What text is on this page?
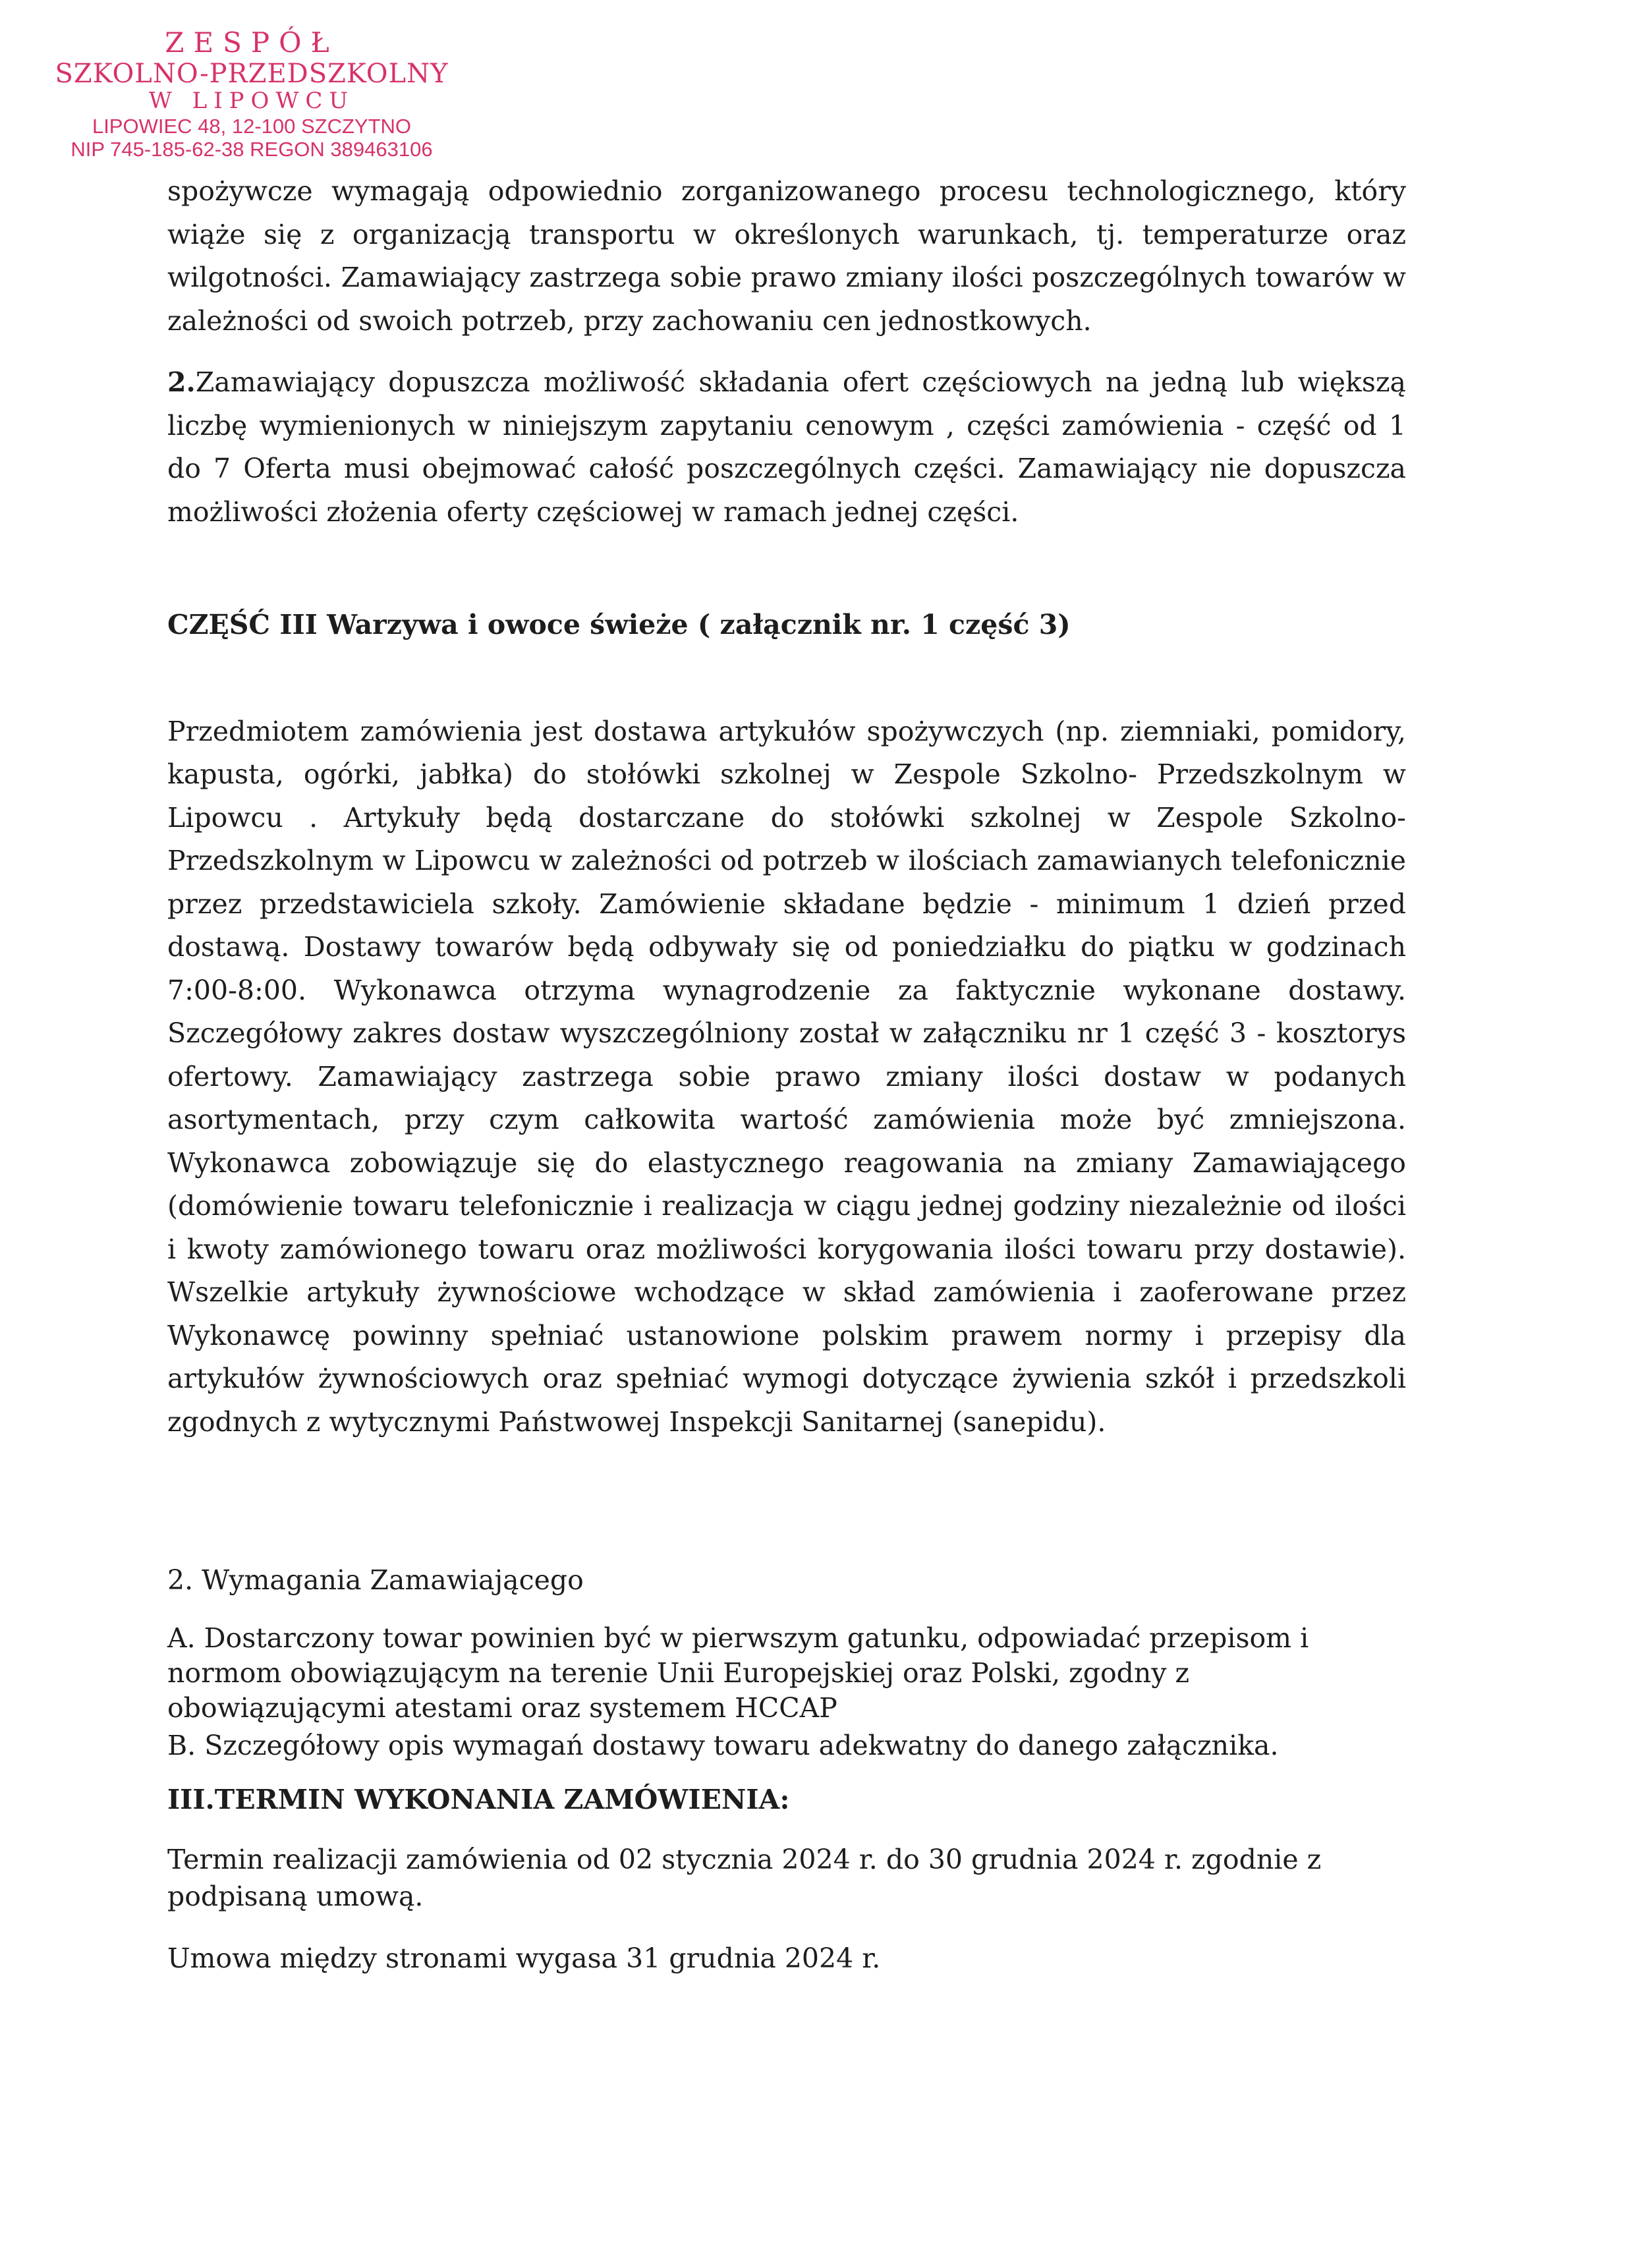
ZESPÓŁ
SZKOLNO-PRZEDSZKOLNY
W LIPOWCU
LIPOWIEC 48, 12-100 SZCZYTNO
NIP 745-185-62-38 REGON 389463106

spożywcze wymagają odpowiednio zorganizowanego procesu technologicznego, który wiąże się z organizacją transportu w określonych warunkach, tj. temperaturze oraz wilgotności. Zamawiający zastrzega sobie prawo zmiany ilości poszczególnych towarów w zależności od swoich potrzeb, przy zachowaniu cen jednostkowych.

2.Zamawiający dopuszcza możliwość składania ofert częściowych na jedną lub większą liczbę wymienionych w niniejszym zapytaniu cenowym , części zamówienia - część od 1 do 7 Oferta musi obejmować całość poszczególnych części. Zamawiający nie dopuszcza możliwości złożenia oferty częściowej w ramach jednej części.

CZĘŚĆ III Warzywa i owoce świeże ( załącznik nr. 1 część 3)

Przedmiotem zamówienia jest dostawa artykułów spożywczych (np. ziemniaki, pomidory, kapusta, ogórki, jabłka) do stołówki szkolnej w Zespole Szkolno- Przedszkolnym w Lipowcu . Artykuły będą dostarczane do stołówki szkolnej w Zespole Szkolno-Przedszkolnym w Lipowcu w zależności od potrzeb w ilościach zamawianych telefonicznie przez przedstawiciela szkoły. Zamówienie składane będzie - minimum 1 dzień przed dostawą. Dostawy towarów będą odbywały się od poniedziałku do piątku w godzinach 7:00-8:00. Wykonawca otrzyma wynagrodzenie za faktycznie wykonane dostawy. Szczegółowy zakres dostaw wyszczególniony został w załączniku nr 1 część 3 - kosztorys ofertowy. Zamawiający zastrzega sobie prawo zmiany ilości dostaw w podanych asortymentach, przy czym całkowita wartość zamówienia może być zmniejszona. Wykonawca zobowiązuje się do elastycznego reagowania na zmiany Zamawiającego (domówienie towaru telefonicznie i realizacja w ciągu jednej godziny niezależnie od ilości i kwoty zamówionego towaru oraz możliwości korygowania ilości towaru przy dostawie). Wszelkie artykuły żywnościowe wchodzące w skład zamówienia i zaoferowane przez Wykonawcę powinny spełniać ustanowione polskim prawem normy i przepisy dla artykułów żywnościowych oraz spełniać wymogi dotyczące żywienia szkół i przedszkoli zgodnych z wytycznymi Państwowej Inspekcji Sanitarnej (sanepidu).

2. Wymagania Zamawiającego

A. Dostarczony towar powinien być w pierwszym gatunku, odpowiadać przepisom i normom obowiązującym na terenie Unii Europejskiej oraz Polski, zgodny z obowiązującymi atestami oraz systemem HCCAP

B. Szczegółowy opis wymagań dostawy towaru adekwatny do danego załącznika.

III.TERMIN WYKONANIA ZAMÓWIENIA:

Termin realizacji zamówienia od 02 stycznia 2024 r. do 30 grudnia 2024 r. zgodnie z podpisaną umową.

Umowa między stronami wygasa 31 grudnia 2024 r.
